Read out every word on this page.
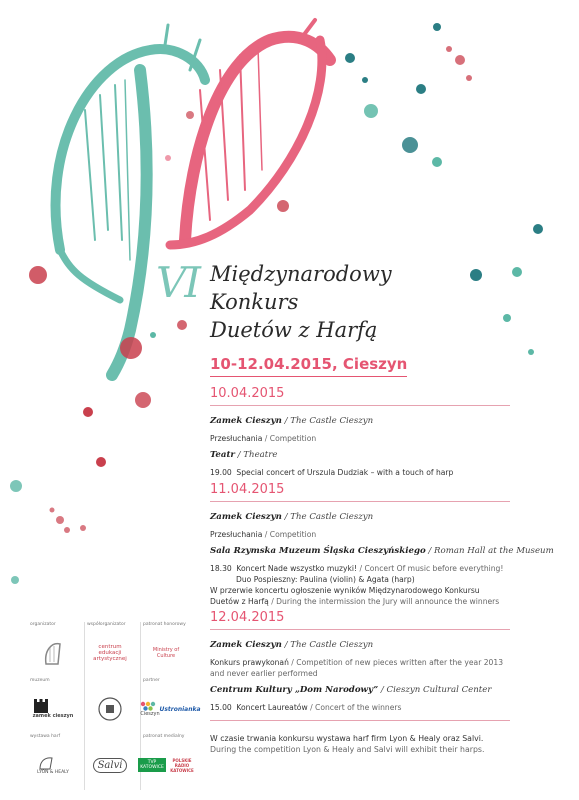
VI Międzynarodowy
Konkurs
Duetów z Harfą
10-12.04.2015, Cieszyn
10.04.2015
Zamek Cieszyn / The Castle Cieszyn
Przesłuchania / Competition
Teatr / Theatre
19.00 Special concert of Urszula Dudziak – with a touch of harp
11.04.2015
Zamek Cieszyn / The Castle Cieszyn
Przesłuchania / Competition
Sala Rzymska Muzeum Śląska Cieszyńskiego / Roman Hall at the Museum
18.30 Koncert Nade wszystko muzyki! / Concert Of music before everything!
Duo Pospieszny: Paulina (violin) & Agata (harp)
W przerwie koncertu ogłoszenie wyników Międzynarodowego Konkursu Duetów z Harfą / During the intermission the Jury will announce the winners
12.04.2015
Zamek Cieszyn / The Castle Cieszyn
Konkurs prawykonań / Competition of new pieces written after the year 2013 and never earlier performed
Centrum Kultury „Dom Narodowy” / Cieszyn Cultural Center
15.00 Koncert Laureatów / Concert of the winners
W czasie trwania konkursu wystawa harf firm Lyon & Healy oraz Salvi.
During the competition Lyon & Healy and Salvi will exhibit their harps.
organizator	współorganizator
centrum edukacji artystycznej
patronat honorowy
Ministry of Culture
muzeum
zamek cieszyn
partner
Cieszyn
Ustronianka
wystawa harf
LYON & HEALY
Salvi
patronat medialny
TVP KATOWICE
POLSKIE RADIO KATOWICE
